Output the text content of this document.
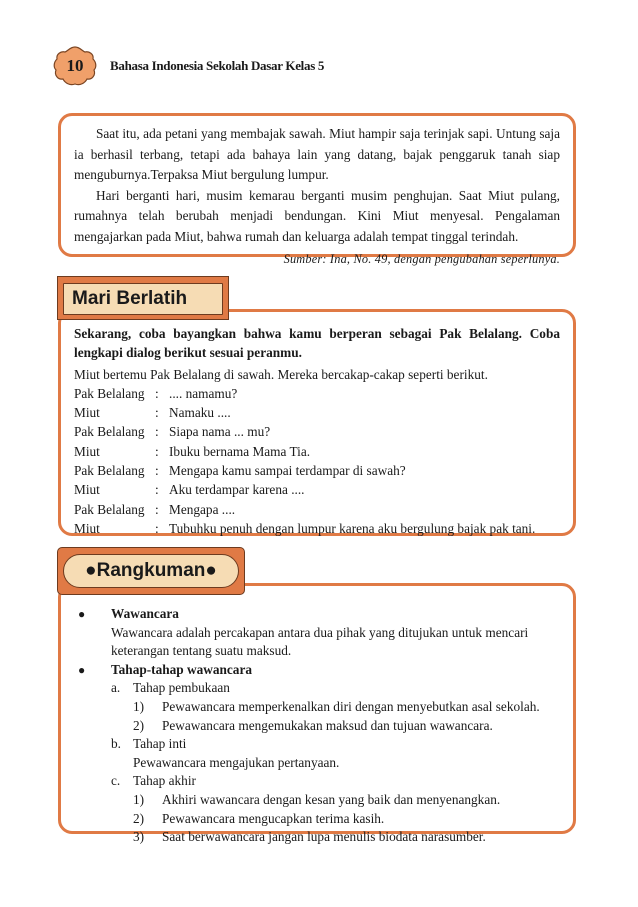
10	Bahasa Indonesia Sekolah Dasar Kelas 5

Saat itu, ada petani yang membajak sawah. Miut hampir saja terinjak sapi. Untung saja ia berhasil terbang, tetapi ada bahaya lain yang datang, bajak penggaruk tanah siap menguburnya.Terpaksa Miut bergulung lumpur.

Hari berganti hari, musim kemarau berganti musim penghujan. Saat Miut pulang, rumahnya telah berubah menjadi bendungan. Kini Miut menyesal. Pengalaman mengajarkan pada Miut, bahwa rumah dan keluarga adalah tempat tinggal terindah.

Sumber: Ina, No. 49, dengan pengubahan seperlunya.

Sekarang, coba bayangkan bahwa kamu berperan sebagai Pak Belalang. Coba lengkapi dialog berikut sesuai peranmu.

Miut bertemu Pak Belalang di sawah. Mereka bercakap-cakap seperti berikut.

Pak Belalang : .... namamu?
Miut	: Namaku ....
Pak Belalang : Siapa nama ... mu?
Miut	: Ibuku bernama Mama Tia.
Pak Belalang : Mengapa kamu sampai terdampar di sawah?
Miut	: Aku terdampar karena ....
Pak Belalang : Mengapa ....
Miut	: Tubuhku penuh dengan lumpur karena aku bergulung bajak pak tani.
Mari Berlatih
● Wawancara
Wawancara adalah percakapan antara dua pihak yang ditujukan untuk mencari keterangan tentang suatu maksud.
● Tahap-tahap wawancara
a. Tahap pembukaan
1) Pewawancara memperkenalkan diri dengan menyebutkan asal sekolah.
2) Pewawancara mengemukakan maksud dan tujuan wawancara.
b. Tahap inti
Pewawancara mengajukan pertanyaan.
c. Tahap akhir
1) Akhiri wawancara dengan kesan yang baik dan menyenangkan.
2) Pewawancara mengucapkan terima kasih.
3) Saat berwawancara jangan lupa menulis biodata narasumber.
●Rangkuman●
